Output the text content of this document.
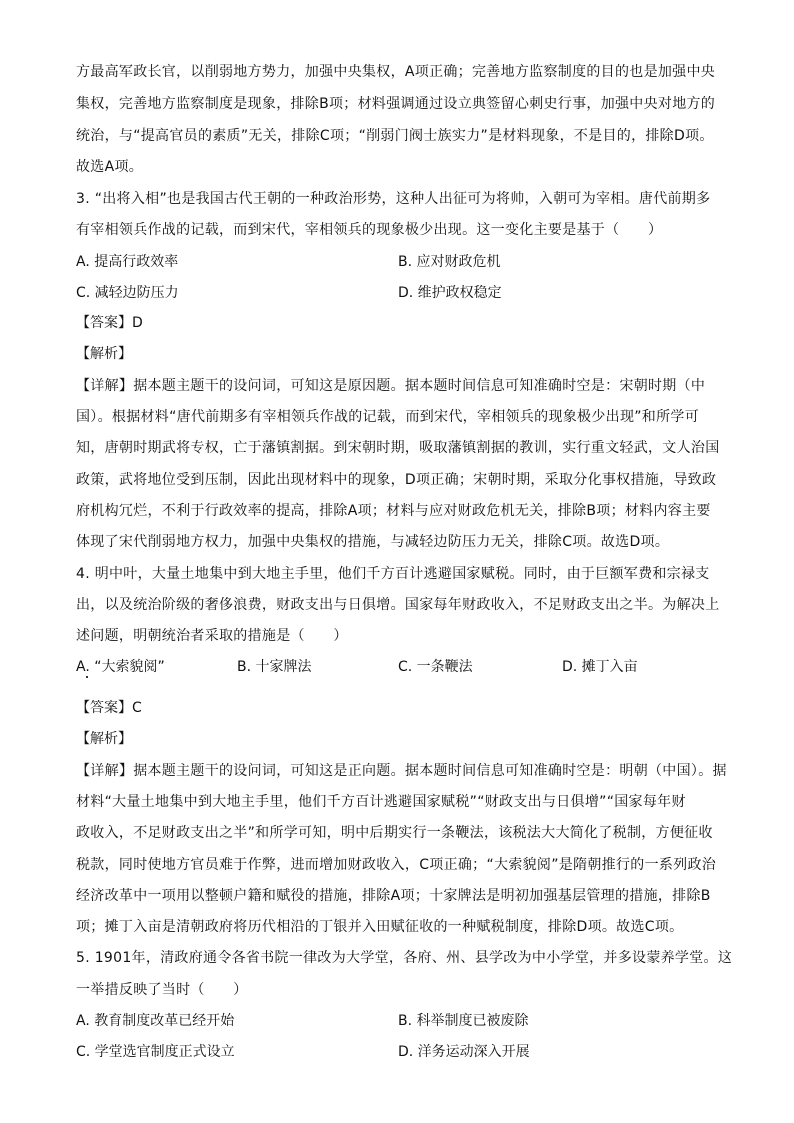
方最高军政长官，以削弱地方势力，加强中央集权，A项正确；完善地方监察制度的目的也是加强中央
集权，完善地方监察制度是现象，排除B项；材料强调通过设立典签留心刺史行事，加强中央对地方的
统治，与“提高官员的素质”无关，排除C项；“削弱门阀士族实力”是材料现象，不是目的，排除D项。
故选A项。
3. “出将入相”也是我国古代王朝的一种政治形势，这种人出征可为将帅，入朝可为宰相。唐代前期多
有宰相领兵作战的记载，而到宋代，宰相领兵的现象极少出现。这一变化主要是基于（　　）
A. 提高行政效率	B. 应对财政危机
C. 减轻边防压力	D. 维护政权稳定
【答案】D
【解析】
【详解】据本题主题干的设问词，可知这是原因题。据本题时间信息可知准确时空是：宋朝时期（中
国）。根据材料“唐代前期多有宰相领兵作战的记载，而到宋代，宰相领兵的现象极少出现”和所学可
知，唐朝时期武将专权，亡于藩镇割据。到宋朝时期，吸取藩镇割据的教训，实行重文轻武，文人治国
政策，武将地位受到压制，因此出现材料中的现象，D项正确；宋朝时期，采取分化事权措施，导致政
府机构冗烂，不利于行政效率的提高，排除A项；材料与应对财政危机无关，排除B项；材料内容主要
体现了宋代削弱地方权力，加强中央集权的措施，与减轻边防压力无关，排除C项。故选D项。
4. 明中叶，大量土地集中到大地主手里，他们千方百计逃避国家赋税。同时，由于巨额军费和宗禄支
出，以及统治阶级的奢侈浪费，财政支出与日俱增。国家每年财政收入，不足财政支出之半。为解决上
述问题，明朝统治者采取的措施是（　　）
A. “大索貌阅”	B. 十家牌法	C. 一条鞭法	D. 摊丁入亩
【答案】C
【解析】
【详解】据本题主题干的设问词，可知这是正向题。据本题时间信息可知准确时空是：明朝（中国）。据
材料“大量土地集中到大地主手里，他们千方百计逃避国家赋税”“财政支出与日俱增”“国家每年财
政收入，不足财政支出之半”和所学可知，明中后期实行一条鞭法，该税法大大简化了税制，方便征收
税款，同时使地方官员难于作弊，进而增加财政收入，C项正确；“大索貌阅”是隋朝推行的一系列政治
经济改革中一项用以整顿户籍和赋役的措施，排除A项；十家牌法是明初加强基层管理的措施，排除B
项；摊丁入亩是清朝政府将历代相沿的丁银并入田赋征收的一种赋税制度，排除D项。故选C项。
5. 1901年，清政府通令各省书院一律改为大学堂，各府、州、县学改为中小学堂，并多设蒙养学堂。这
一举措反映了当时（　　）
A. 教育制度改革已经开始	B. 科举制度已被废除
C. 学堂选官制度正式设立	D. 洋务运动深入开展
